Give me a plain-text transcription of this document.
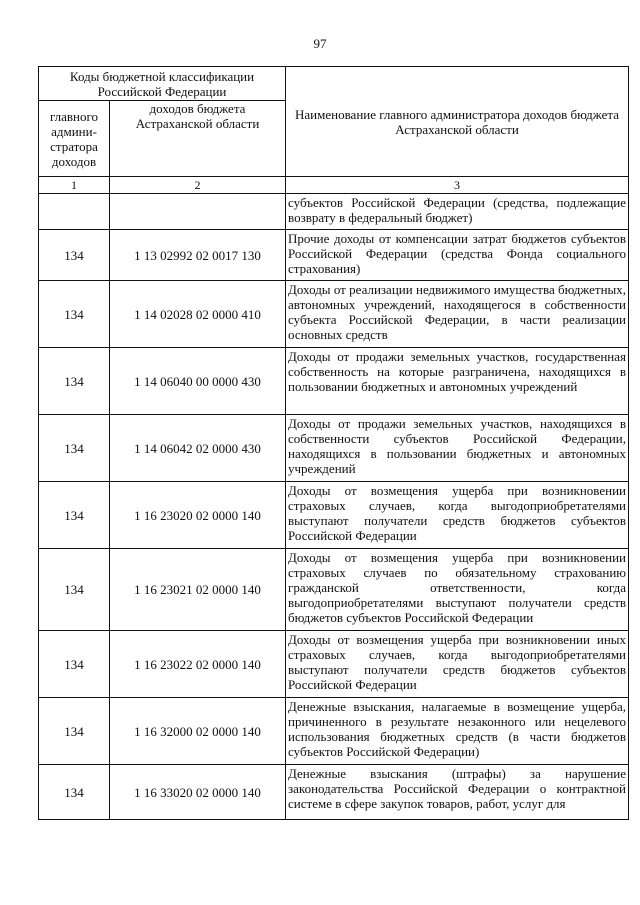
97
Коды бюджетной классификации Российской Федерации		Наименование главного администратора доходов бюджета Астраханской области
главного админи-стратора доходов	доходов бюджета Астраханской области	
1	2	3
		субъектов Российской Федерации (средства, подлежащие возврату в федеральный бюджет)
134	1 13 02992 02 0017 130	Прочие доходы от компенсации затрат бюджетов субъектов Российской Федерации (средства Фонда социального страхования)
134	1 14 02028 02 0000 410	Доходы от реализации недвижимого имущества бюджетных, автономных учреждений, находящегося в собственности субъекта Российской Федерации, в части реализации основных средств
134	1 14 06040 00 0000 430	Доходы от продажи земельных участков, государственная собственность на которые разграничена, находящихся в пользовании бюджетных и автономных учреждений
134	1 14 06042 02 0000 430	Доходы от продажи земельных участков, находящихся в собственности субъектов Российской Федерации, находящихся в пользовании бюджетных и автономных учреждений
134	1 16 23020 02 0000 140	Доходы от возмещения ущерба при возникновении страховых случаев, когда выгодоприобретателями выступают получатели средств бюджетов субъектов Российской Федерации
134	1 16 23021 02 0000 140	Доходы от возмещения ущерба при возникновении страховых случаев по обязательному страхованию гражданской ответственности, когда выгодоприобретателями выступают получатели средств бюджетов субъектов Российской Федерации
134	1 16 23022 02 0000 140	Доходы от возмещения ущерба при возникновении иных страховых случаев, когда выгодоприобретателями выступают получатели средств бюджетов субъектов Российской Федерации
134	1 16 32000 02 0000 140	Денежные взыскания, налагаемые в возмещение ущерба, причиненного в результате незаконного или нецелевого использования бюджетных средств (в части бюджетов субъектов Российской Федерации)
134	1 16 33020 02 0000 140	Денежные взыскания (штрафы) за нарушение законодательства Российской Федерации о контрактной системе в сфере закупок товаров, работ, услуг для
